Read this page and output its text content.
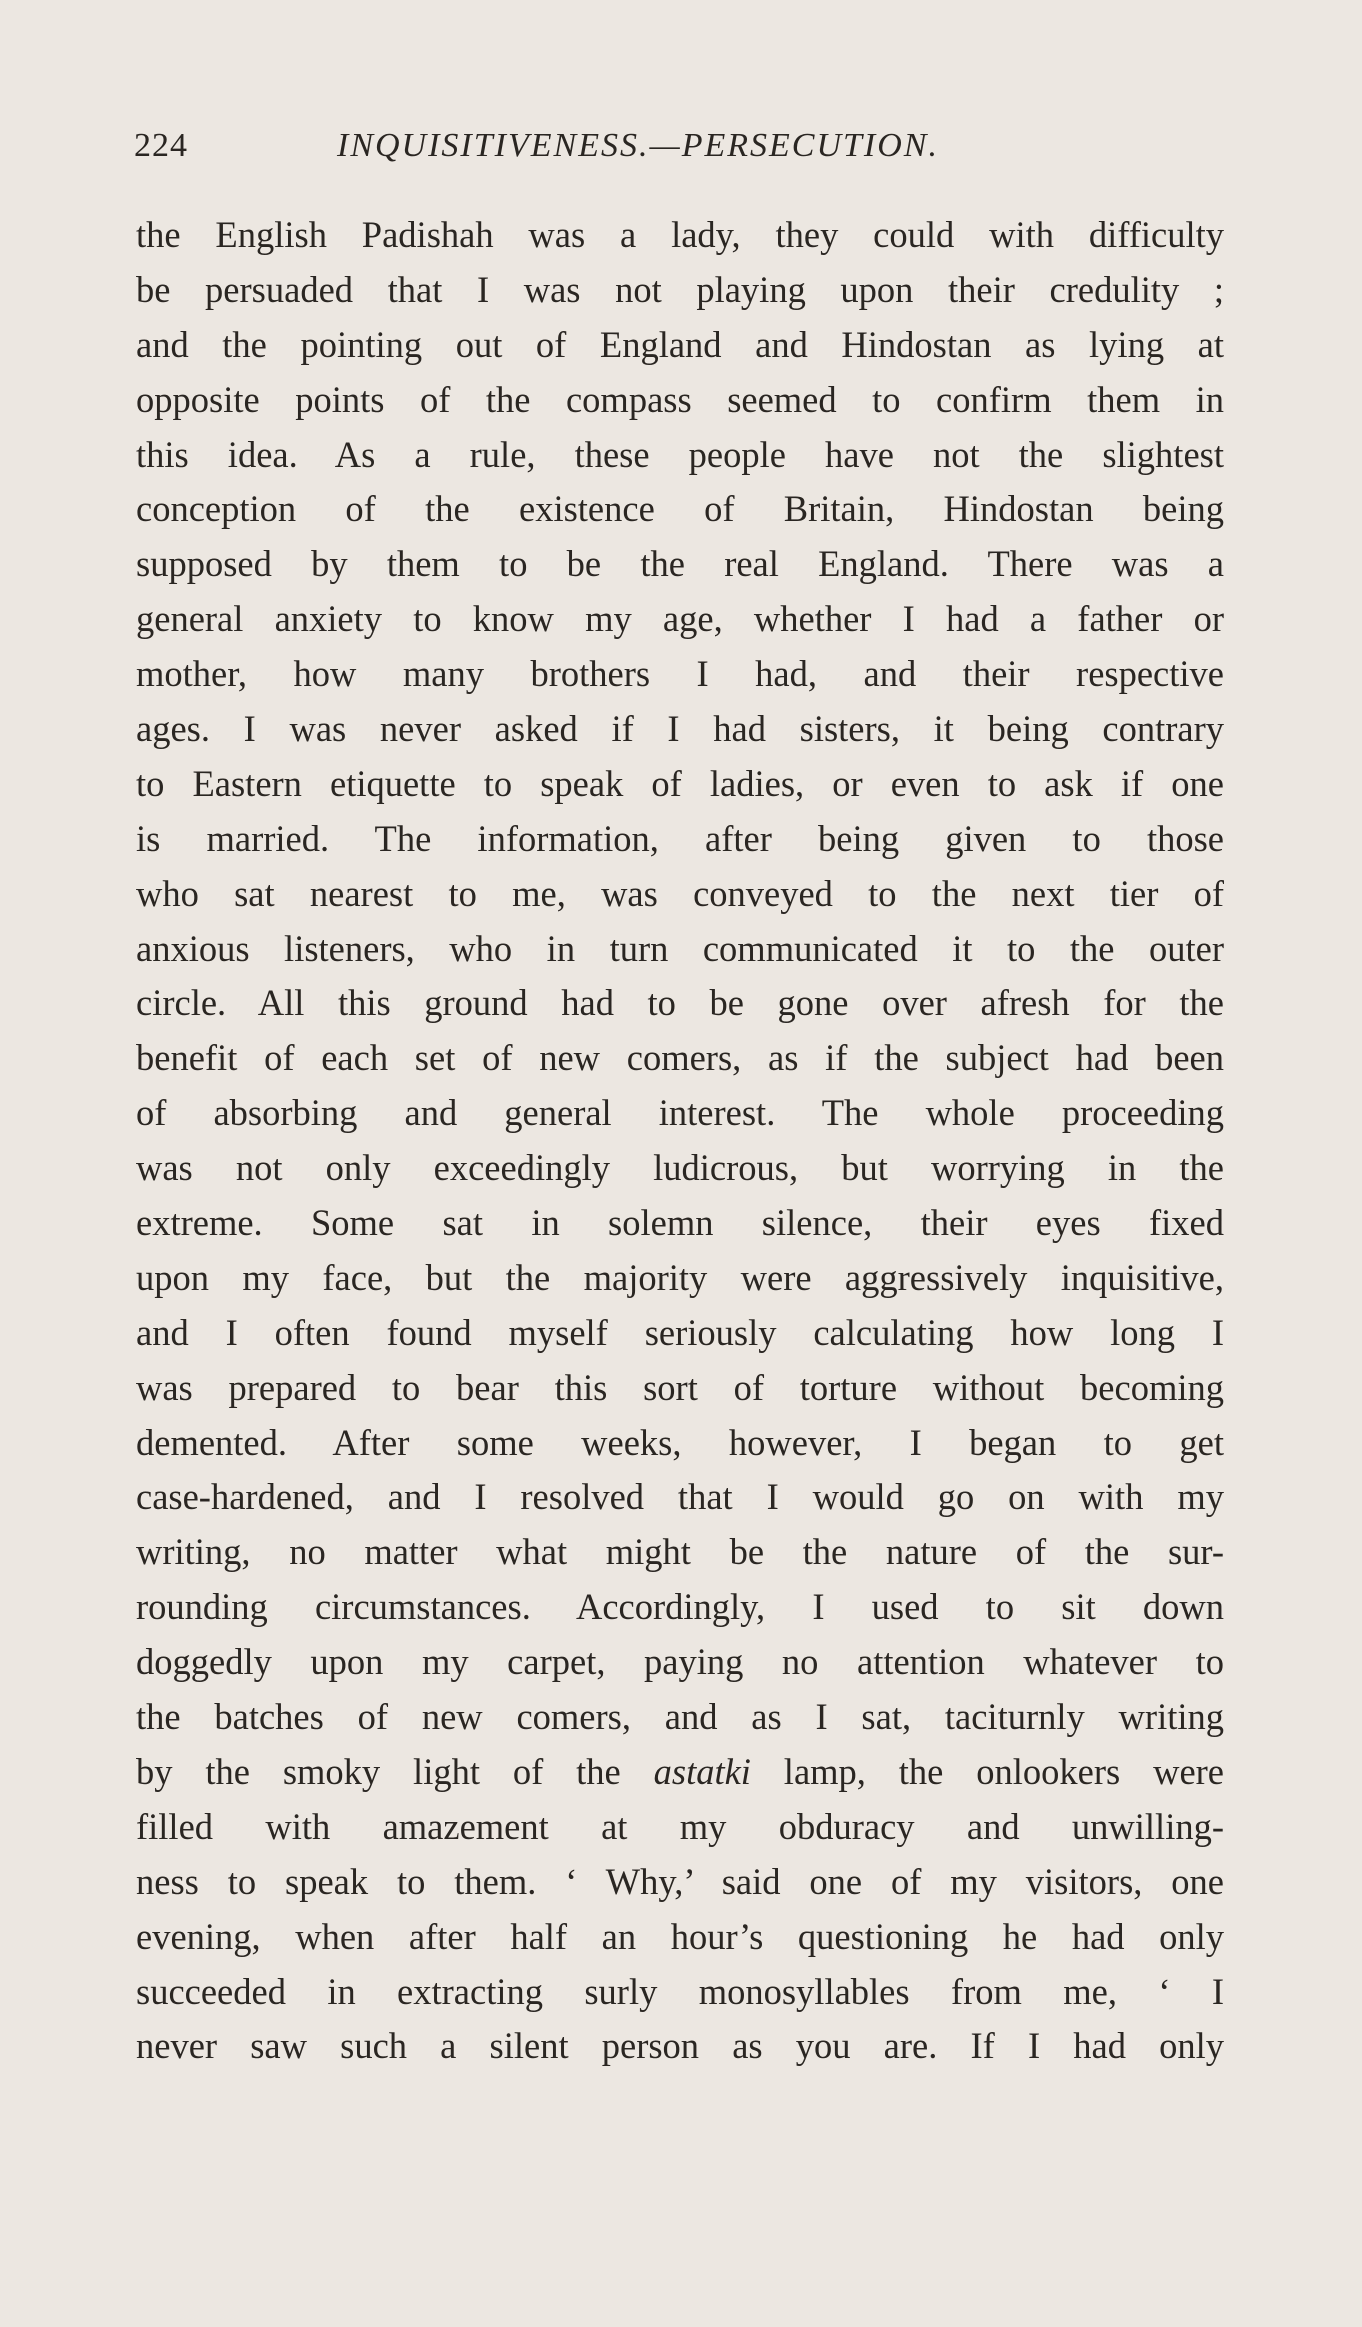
224	INQUISITIVENESS.—PERSECUTION.
the English Padishah was a lady, they could with difficulty
be persuaded that I was not playing upon their credulity ;
and the pointing out of England and Hindostan as lying at
opposite points of the compass seemed to confirm them in
this idea. As a rule, these people have not the slightest
conception of the existence of Britain, Hindostan being
supposed by them to be the real England. There was a
general anxiety to know my age, whether I had a father or
mother, how many brothers I had, and their respective
ages. I was never asked if I had sisters, it being contrary
to Eastern etiquette to speak of ladies, or even to ask if one
is married. The information, after being given to those
who sat nearest to me, was conveyed to the next tier of
anxious listeners, who in turn communicated it to the outer
circle. All this ground had to be gone over afresh for the
benefit of each set of new comers, as if the subject had been
of absorbing and general interest. The whole proceeding
was not only exceedingly ludicrous, but worrying in the
extreme. Some sat in solemn silence, their eyes fixed
upon my face, but the majority were aggressively inquisitive,
and I often found myself seriously calculating how long I
was prepared to bear this sort of torture without becoming
demented. After some weeks, however, I began to get
case-hardened, and I resolved that I would go on with my
writing, no matter what might be the nature of the sur-
rounding circumstances. Accordingly, I used to sit down
doggedly upon my carpet, paying no attention whatever to
the batches of new comers, and as I sat, taciturnly writing
by the smoky light of the astatki lamp, the onlookers were
filled with amazement at my obduracy and unwilling-
ness to speak to them. ‘ Why,’ said one of my visitors, one
evening, when after half an hour’s questioning he had only
succeeded in extracting surly monosyllables from me, ‘ I
never saw such a silent person as you are. If I had only
